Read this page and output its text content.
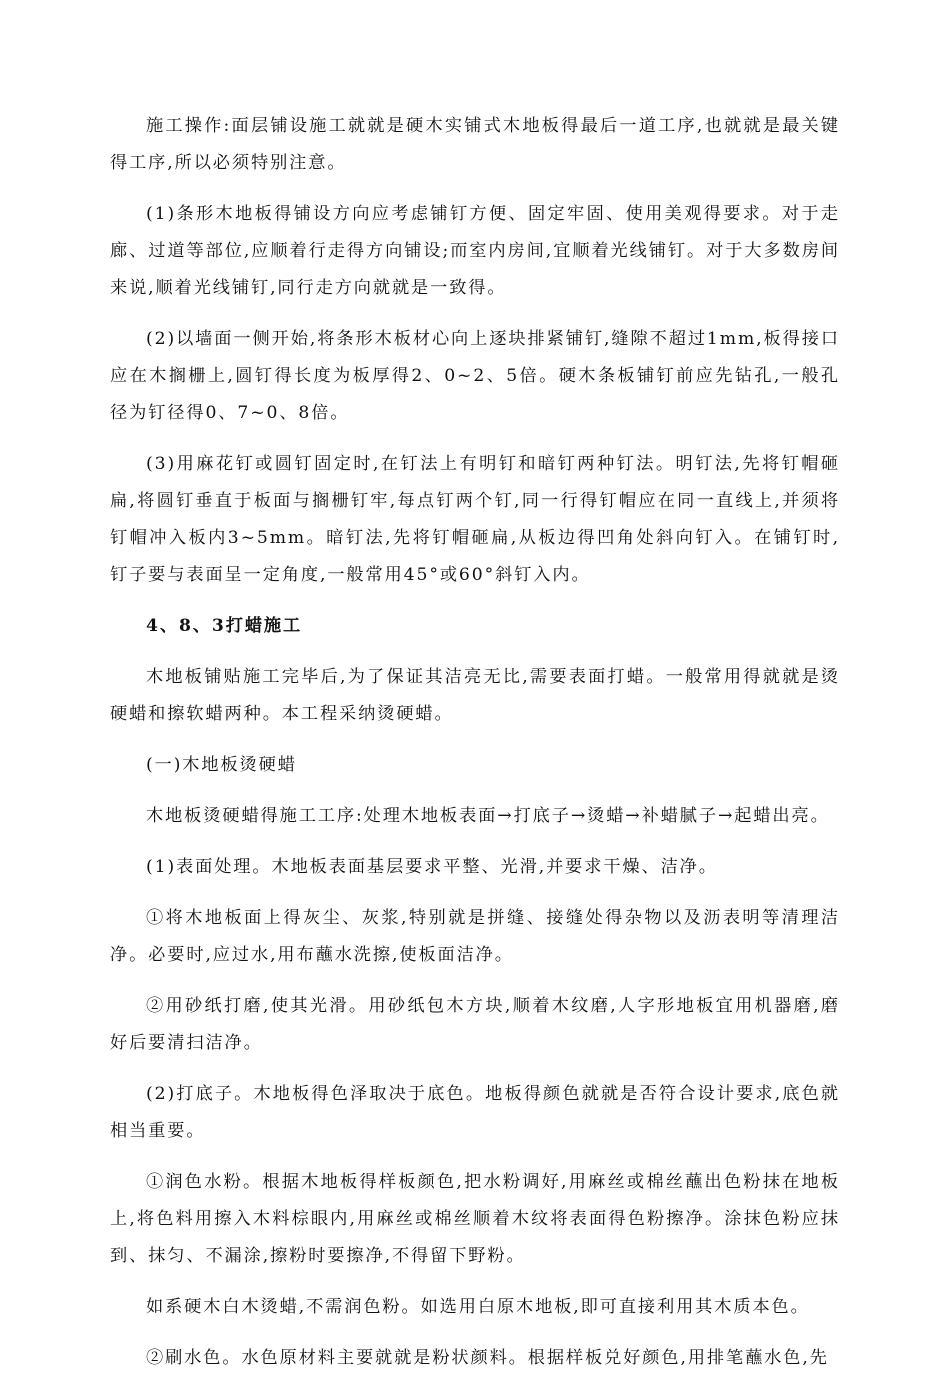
施工操作:面层铺设施工就就是硬木实铺式木地板得最后一道工序,也就就是最关键得工序,所以必须特别注意。

(1)条形木地板得铺设方向应考虑铺钉方便、固定牢固、使用美观得要求。对于走廊、过道等部位,应顺着行走得方向铺设;而室内房间,宜顺着光线铺钉。对于大多数房间来说,顺着光线铺钉,同行走方向就就是一致得。

(2)以墙面一侧开始,将条形木板材心向上逐块排紧铺钉,缝隙不超过1mm,板得接口应在木搁栅上,圆钉得长度为板厚得2、0~2、5倍。硬木条板铺钉前应先钻孔,一般孔径为钉径得0、7~0、8倍。

(3)用麻花钉或圆钉固定时,在钉法上有明钉和暗钉两种钉法。明钉法,先将钉帽砸扁,将圆钉垂直于板面与搁栅钉牢,每点钉两个钉,同一行得钉帽应在同一直线上,并须将钉帽冲入板内3~5mm。暗钉法,先将钉帽砸扁,从板边得凹角处斜向钉入。在铺钉时,钉子要与表面呈一定角度,一般常用45°或60°斜钉入内。

4、8、3打蜡施工

木地板铺贴施工完毕后,为了保证其洁亮无比,需要表面打蜡。一般常用得就就是烫硬蜡和擦软蜡两种。本工程采纳烫硬蜡。

(一)木地板烫硬蜡

木地板烫硬蜡得施工工序:处理木地板表面→打底子→烫蜡→补蜡腻子→起蜡出亮。

(1)表面处理。木地板表面基层要求平整、光滑,并要求干燥、洁净。

①将木地板面上得灰尘、灰浆,特别就是拼缝、接缝处得杂物以及沥表明等清理洁净。必要时,应过水,用布蘸水洗擦,使板面洁净。

②用砂纸打磨,使其光滑。用砂纸包木方块,顺着木纹磨,人字形地板宜用机器磨,磨好后要清扫洁净。

(2)打底子。木地板得色泽取决于底色。地板得颜色就就是否符合设计要求,底色就相当重要。

①润色水粉。根据木地板得样板颜色,把水粉调好,用麻丝或棉丝蘸出色粉抹在地板上,将色料用擦入木料棕眼内,用麻丝或棉丝顺着木纹将表面得色粉擦净。涂抹色粉应抹到、抹匀、不漏涂,擦粉时要擦净,不得留下野粉。

如系硬木白木烫蜡,不需润色粉。如选用白原木地板,即可直接利用其木质本色。

②刷水色。水色原材料主要就就是粉状颜料。根据样板兑好颜色,用排笔蘸水色,先
